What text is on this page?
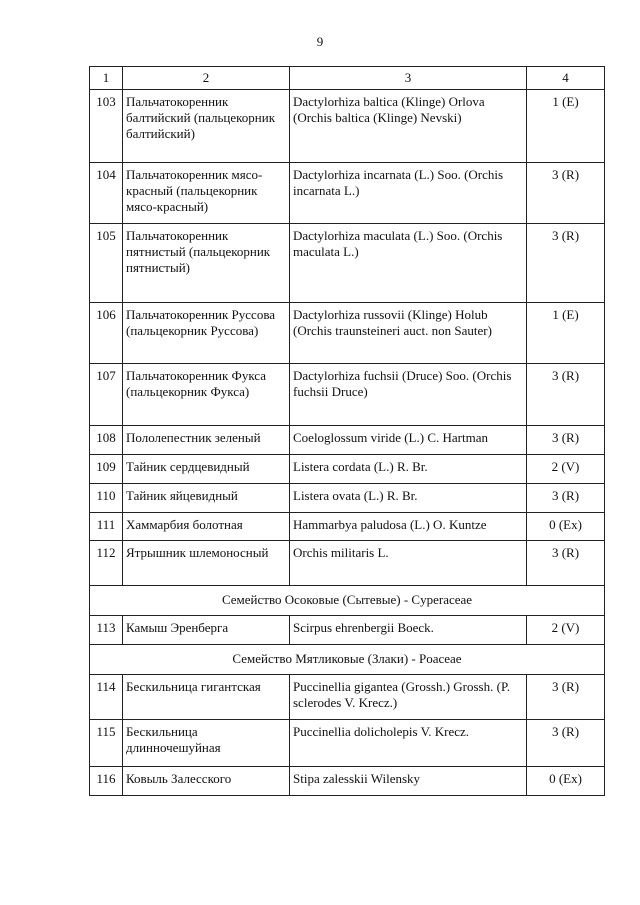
9
1	2	3	4
103	Пальчатокоренник балтийский (пальцекорник балтийский)	Dactylorhiza baltica (Klinge) Orlova (Orchis baltica (Klinge) Nevski)	1 (E)
104	Пальчатокоренник мясо-красный (пальцекорник мясо-красный)	Dactylorhiza incarnata (L.) Soo. (Orchis incarnata L.)	3 (R)
105	Пальчатокоренник пятнистый (пальцекорник пятнистый)	Dactylorhiza maculata (L.) Soo. (Orchis maculata L.)	3 (R)
106	Пальчатокоренник Руссова (пальцекорник Руссова)	Dactylorhiza russovii (Klinge) Holub (Orchis traunsteineri auct. non Sauter)	1 (E)
107	Пальчатокоренник Фукса (пальцекорник Фукса)	Dactylorhiza fuchsii (Druce) Soo. (Orchis fuchsii Druce)	3 (R)
108	Пололепестник зеленый	Coeloglossum viride (L.) C. Hartman	3 (R)
109	Тайник сердцевидный	Listera cordata (L.) R. Br.	2 (V)
110	Тайник яйцевидный	Listera ovata (L.) R. Br.	3 (R)
111	Хаммарбия болотная	Hammarbya paludosa (L.) O. Kuntze	0 (Ex)
112	Ятрышник шлемоносный	Orchis militaris L.	3 (R)
Семейство Осоковые (Сытевые) - Cyperaceae			
113	Камыш Эренберга	Scirpus ehrenbergii Boeck.	2 (V)
Семейство Мятликовые (Злаки) - Poaceae			
114	Бескильница гигантская	Puccinellia gigantea (Grossh.) Grossh. (P. sclerodes V. Krecz.)	3 (R)
115	Бескильница длинночешуйная	Puccinellia dolicholepis V. Krecz.	3 (R)
116	Ковыль Залесского	Stipa zalesskii Wilensky	0 (Ex)
